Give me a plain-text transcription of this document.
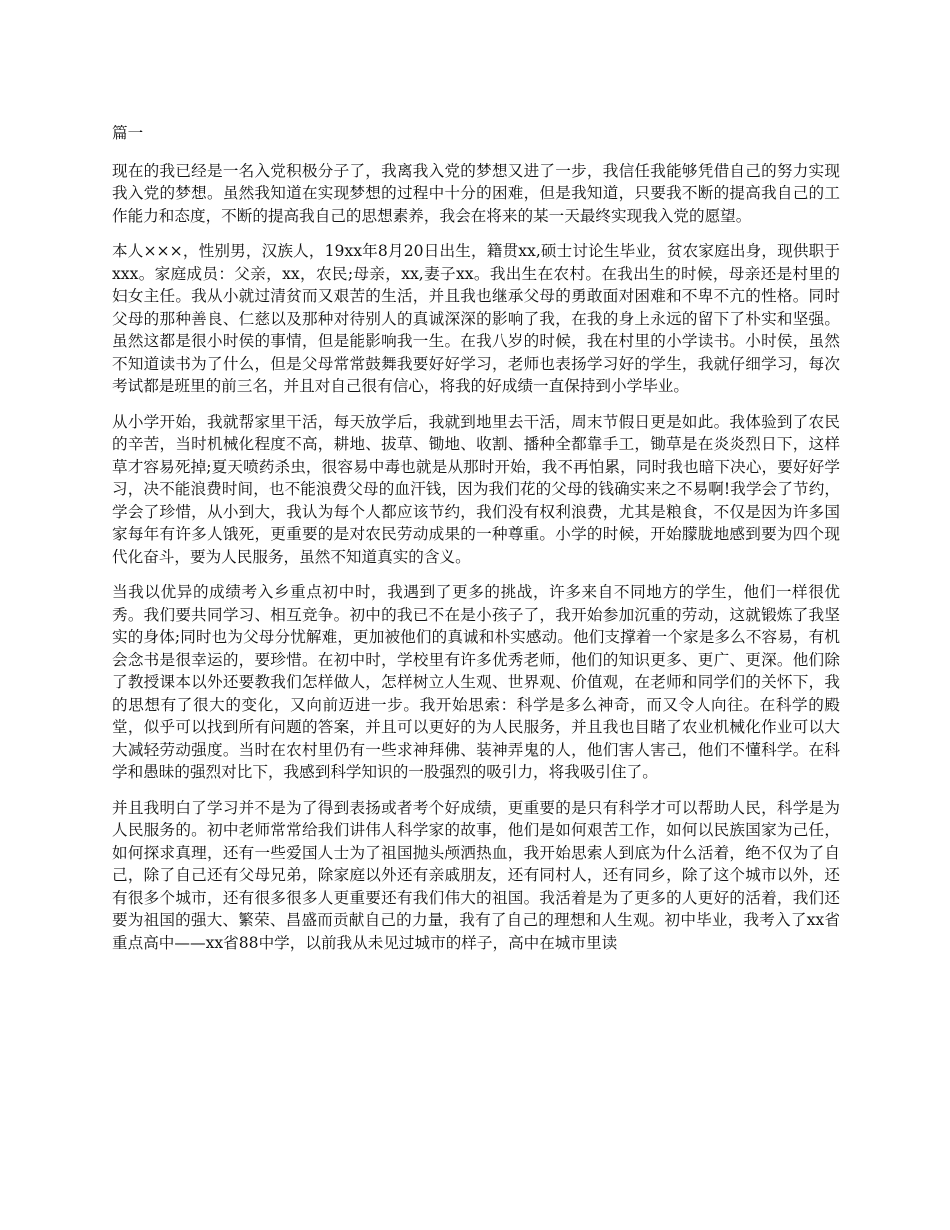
篇一

现在的我已经是一名入党积极分子了，我离我入党的梦想又进了一步，我信任我能够凭借自己的努力实现我入党的梦想。虽然我知道在实现梦想的过程中十分的困难，但是我知道，只要我不断的提高我自己的工作能力和态度，不断的提高我自己的思想素养，我会在将来的某一天最终实现我入党的愿望。

本人×××，性别男，汉族人，19xx年8月20日出生，籍贯xx,硕士讨论生毕业，贫农家庭出身，现供职于xxx。家庭成员：父亲，xx，农民;母亲，xx,妻子xx。我出生在农村。在我出生的时候，母亲还是村里的妇女主任。我从小就过清贫而又艰苦的生活，并且我也继承父母的勇敢面对困难和不卑不亢的性格。同时父母的那种善良、仁慈以及那种对待别人的真诚深深的影响了我，在我的身上永远的留下了朴实和坚强。虽然这都是很小时侯的事情，但是能影响我一生。在我八岁的时候，我在村里的小学读书。小时侯，虽然不知道读书为了什么，但是父母常常鼓舞我要好好学习，老师也表扬学习好的学生，我就仔细学习，每次考试都是班里的前三名，并且对自己很有信心，将我的好成绩一直保持到小学毕业。

从小学开始，我就帮家里干活，每天放学后，我就到地里去干活，周末节假日更是如此。我体验到了农民的辛苦，当时机械化程度不高，耕地、拔草、锄地、收割、播种全都靠手工，锄草是在炎炎烈日下，这样草才容易死掉;夏天喷药杀虫，很容易中毒也就是从那时开始，我不再怕累，同时我也暗下决心，要好好学习，决不能浪费时间，也不能浪费父母的血汗钱，因为我们花的父母的钱确实来之不易啊!我学会了节约，学会了珍惜，从小到大，我认为每个人都应该节约，我们没有权利浪费，尤其是粮食，不仅是因为许多国家每年有许多人饿死，更重要的是对农民劳动成果的一种尊重。小学的时候，开始朦胧地感到要为四个现代化奋斗，要为人民服务，虽然不知道真实的含义。

当我以优异的成绩考入乡重点初中时，我遇到了更多的挑战，许多来自不同地方的学生，他们一样很优秀。我们要共同学习、相互竞争。初中的我已不在是小孩子了，我开始参加沉重的劳动，这就锻炼了我坚实的身体;同时也为父母分忧解难，更加被他们的真诚和朴实感动。他们支撑着一个家是多么不容易，有机会念书是很幸运的，要珍惜。在初中时，学校里有许多优秀老师，他们的知识更多、更广、更深。他们除了教授课本以外还要教我们怎样做人，怎样树立人生观、世界观、价值观，在老师和同学们的关怀下，我的思想有了很大的变化，又向前迈进一步。我开始思索：科学是多么神奇，而又令人向往。在科学的殿堂，似乎可以找到所有问题的答案，并且可以更好的为人民服务，并且我也目睹了农业机械化作业可以大大减轻劳动强度。当时在农村里仍有一些求神拜佛、装神弄鬼的人，他们害人害己，他们不懂科学。在科学和愚昧的强烈对比下，我感到科学知识的一股强烈的吸引力，将我吸引住了。

并且我明白了学习并不是为了得到表扬或者考个好成绩，更重要的是只有科学才可以帮助人民，科学是为人民服务的。初中老师常常给我们讲伟人科学家的故事，他们是如何艰苦工作，如何以民族国家为己任，如何探求真理，还有一些爱国人士为了祖国抛头颅洒热血，我开始思索人到底为什么活着，绝不仅为了自己，除了自己还有父母兄弟，除家庭以外还有亲戚朋友，还有同村人，还有同乡，除了这个城市以外，还有很多个城市，还有很多很多人更重要还有我们伟大的祖国。我活着是为了更多的人更好的活着，我们还要为祖国的强大、繁荣、昌盛而贡献自己的力量，我有了自己的理想和人生观。初中毕业，我考入了xx省重点高中——xx省88中学，以前我从未见过城市的样子，高中在城市里读
